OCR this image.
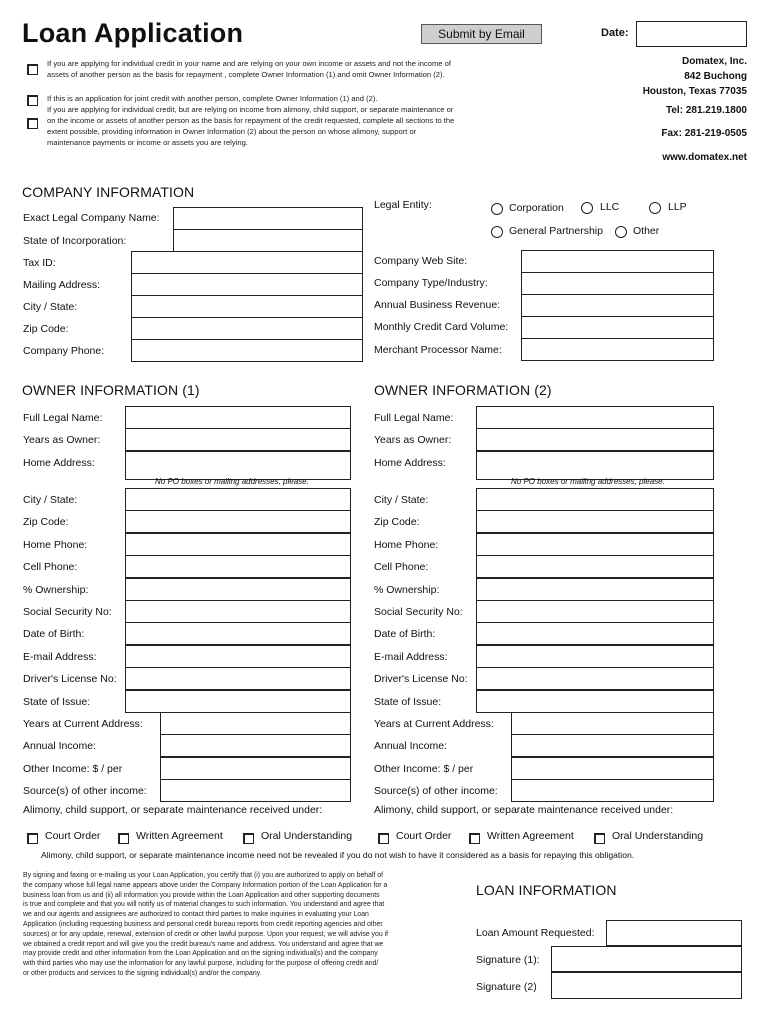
Loan Application	Submit by Email	Date:
If you are applying for individual credit in your name and are relying on your own income or assets and not the income of
assets of another person as the basis for repayment , complete Owner Information (1) and omit Owner Information (2).
If this is an application for joint credit with another person, complete Owner Information (1) and (2).
If you are applying for individual credit, but are relying on income from alimony, child support, or separate maintenance or
on the income or assets of another person as the basis for repayment of the credit requested, complete all sections to the
extent possible, providing information in Owner Information (2) about the person on whose alimony, support or
maintenance payments or income or assets you are relying.
Domatex, Inc.
842 Buchong
Houston, Texas 77035
Tel: 281.219.1800
Fax: 281-219-0505
www.domatex.net
COMPANY INFORMATION
Exact Legal Company Name:
State of Incorporation:
Tax ID:
Mailing Address:
City / State:
Zip Code:
Company Phone:
Legal Entity:	Corporation	LLC	LLP
General Partnership	Other
Company Web Site:
Company Type/Industry:
Annual Business Revenue:
Monthly Credit Card Volume:
Merchant Processor Name:
OWNER INFORMATION (1)
Full Legal Name:
Years as Owner:
Home Address:
No PO boxes or mailing addresses, please.
City / State:
Zip Code:
Home Phone:
Cell Phone:
% Ownership:
Social Security No:
Date of Birth:
E-mail Address:
Driver's License No:
State of Issue:
Years at Current Address:
Annual Income:
Other Income: $ / per
Source(s) of other income:
Alimony, child support, or separate maintenance received under:
Court Order	Written Agreement	Oral Understanding
OWNER INFORMATION (2)
Full Legal Name:
Years as Owner:
Home Address:
No PO boxes or mailing addresses, please.
City / State:
Zip Code:
Home Phone:
Cell Phone:
% Ownership:
Social Security No:
Date of Birth:
E-mail Address:
Driver's License No:
State of Issue:
Years at Current Address:
Annual Income:
Other Income: $ / per
Source(s) of other income:
Alimony, child support, or separate maintenance received under:
Court Order	Written Agreement	Oral Understanding
Alimony, child support, or separate maintenance income need not be revealed if you do not wish to have it considered as a basis for repaying this obligation.
By signing and faxing or e-mailing us your Loan Application, you certify that (i) you are authorized to apply on behalf of
the company whose full legal name appears above under the Company Information portion of the Loan Application for a
business loan from us and (ii) all information you provide within the Loan Application and other supporting documents
is true and complete and that you will notify us of material changes to such information. You understand and agree that
we and our agents and assignees are authorized to contact third parties to make inquiries in evaluating your Loan
Application (including requesting business and personal credit bureau reports from credit reporting agencies and other
sources) or for any update, renewal, extension of credit or other lawful purpose. Upon your request, we will advise you if
we obtained a credit report and will give you the credit bureau's name and address. You understand and agree that we
may provide credit and other information from the Loan Application and on the signing individual(s) and the company
with third parties who may use the information for any lawful purpose, including for the purpose of offering credit and/
or other products and services to the signing individual(s) and/or the company.
LOAN INFORMATION
Loan Amount Requested:
Signature (1):
Signature (2)
